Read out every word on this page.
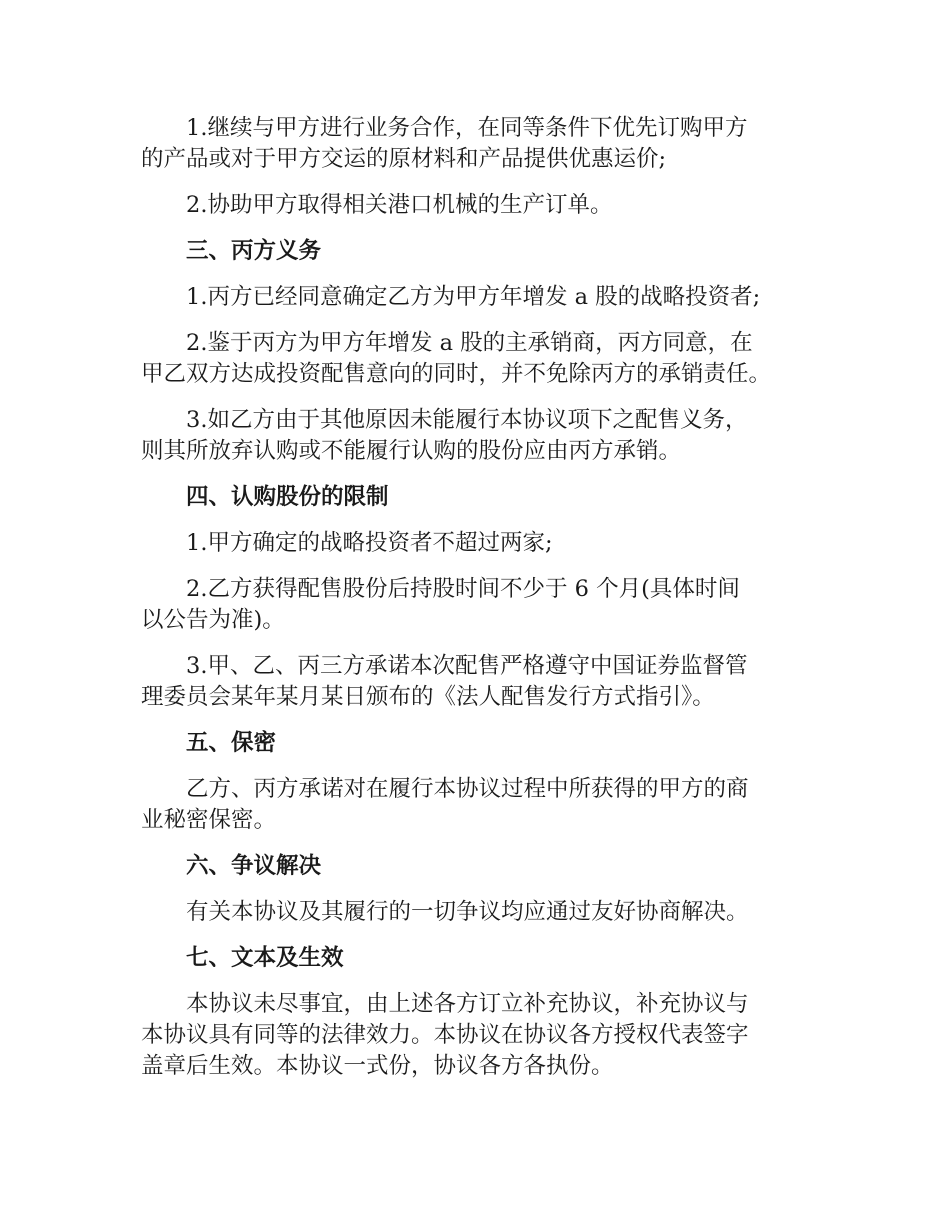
1.继续与甲方进行业务合作，在同等条件下优先订购甲方
的产品或对于甲方交运的原材料和产品提供优惠运价;

2.协助甲方取得相关港口机械的生产订单。

三、丙方义务

1.丙方已经同意确定乙方为甲方年增发 a 股的战略投资者;

2.鉴于丙方为甲方年增发 a 股的主承销商，丙方同意，在
甲乙双方达成投资配售意向的同时，并不免除丙方的承销责任。

3.如乙方由于其他原因未能履行本协议项下之配售义务，
则其所放弃认购或不能履行认购的股份应由丙方承销。

四、认购股份的限制

1.甲方确定的战略投资者不超过两家;

2.乙方获得配售股份后持股时间不少于 6 个月(具体时间
以公告为准)。

3.甲、乙、丙三方承诺本次配售严格遵守中国证券监督管
理委员会某年某月某日颁布的《法人配售发行方式指引》。

五、保密

乙方、丙方承诺对在履行本协议过程中所获得的甲方的商
业秘密保密。

六、争议解决

有关本协议及其履行的一切争议均应通过友好协商解决。

七、文本及生效

本协议未尽事宜，由上述各方订立补充协议，补充协议与
本协议具有同等的法律效力。本协议在协议各方授权代表签字
盖章后生效。本协议一式份，协议各方各执份。
